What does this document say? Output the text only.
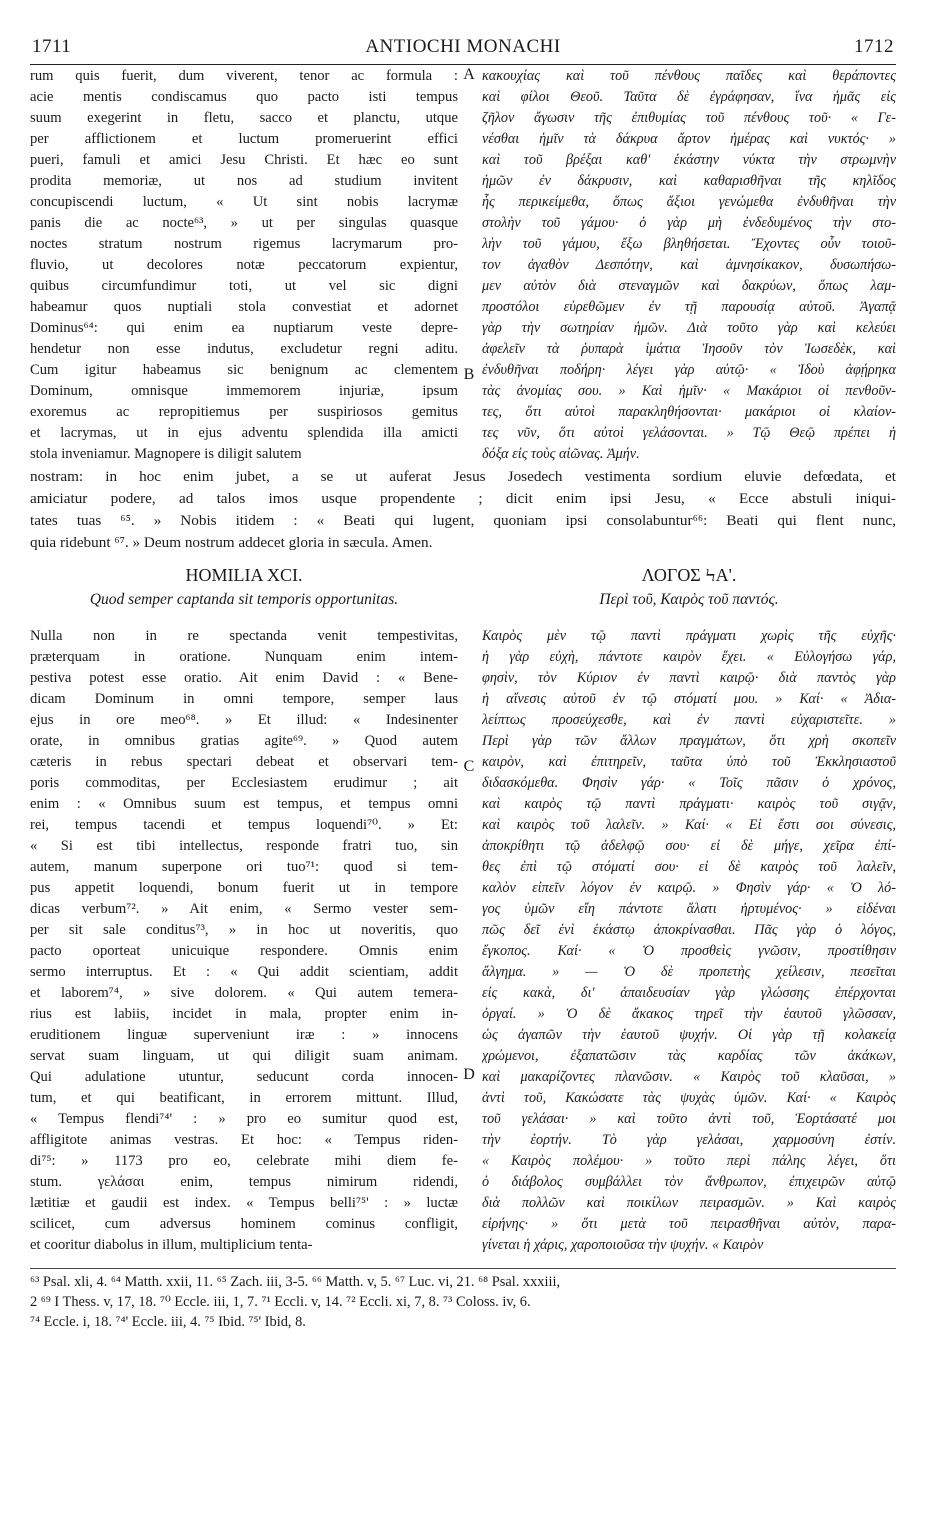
ANTIOCHI MONACHI
1711	1712
rum quis fuerit, dum viverent, tenor ac formula :
acie mentis condiscamus quo pacto isti tempus
suum exegerint in fletu, sacco et planctu, utque
per afflictionem et luctum promeruerint effici
pueri, famuli et amici Jesu Christi. Et hæc eo sunt
prodita memoriæ, ut nos ad studium invitent
concupiscendi luctum, « Ut sint nobis lacrymæ
panis die ac nocte⁶³, » ut per singulas quasque
noctes stratum nostrum rigemus lacrymarum pro-
fluvio, ut decolores notæ peccatorum expientur,
quibus circumfundimur toti, ut vel sic digni
habeamur quos nuptiali stola convestiat et adornet
Dominus⁶⁴: qui enim ea nuptiarum veste depre-
hendetur non esse indutus, excludetur regni aditu.
Cum igitur habeamus sic benignum ac clementem
Dominum, omnisque immemorem injuriæ, ipsum
exoremus ac repropitiemus per suspiriosos gemitus
et lacrymas, ut in ejus adventu splendida illa amicti
stola inveniamur. Magnopere is diligit salutem
A
B
κακουχίας καὶ τοῦ πένθους παῖδες καὶ θεράποντες
καὶ φίλοι Θεοῦ. Ταῦτα δὲ ἐγράφησαν, ἵνα ἡμᾶς εἰς
ζῆλον ἄγωσιν τῆς ἐπιθυμίας τοῦ πένθους τοῦ· « Γε-
νέσθαι ἡμῖν τὰ δάκρυα ἄρτον ἡμέρας καὶ νυκτός· »
καὶ τοῦ βρέξαι καθ' ἑκάστην νύκτα τὴν στρωμνὴν
ἡμῶν ἐν δάκρυσιν, καὶ καθαρισθῆναι τῆς κηλῖδος
ἧς περικείμεθα, ὅπως ἄξιοι γενώμεθα ἐνδυθῆναι τὴν
στολὴν τοῦ γάμου· ὁ γὰρ μὴ ἐνδεδυμένος τὴν στο-
λὴν τοῦ γάμου, ἔξω βληθήσεται. Ἔχοντες οὖν τοιοῦ-
τον ἀγαθὸν Δεσπότην, καὶ ἀμνησίκακον, δυσωπήσω-
μεν αὐτὸν διὰ στεναγμῶν καὶ δακρύων, ὅπως λαμ-
προστόλοι εὑρεθῶμεν ἐν τῇ παρουσίᾳ αὐτοῦ. Ἀγαπᾷ
γὰρ τὴν σωτηρίαν ἡμῶν. Διὰ τοῦτο γὰρ καὶ κελεύει
ἀφελεῖν τὰ ῥυπαρὰ ἱμάτια Ἰησοῦν τὸν Ἰωσεδὲκ, καὶ
ἐνδυθῆναι ποδήρη· λέγει γὰρ αὐτῷ· « Ἰδοὺ ἀφῄρηκα
τὰς ἀνομίας σου. » Καὶ ἡμῖν· « Μακάριοι οἱ πενθοῦν-
τες, ὅτι αὐτοὶ παρακληθήσονται· μακάριοι οἱ κλαίον-
τες νῦν, ὅτι αὐτοὶ γελάσονται. » Τῷ Θεῷ πρέπει ἡ
δόξα εἰς τοὺς αἰῶνας. Ἀμήν.
nostram: in hoc enim jubet, a se ut auferat Jesus Josedech vestimenta sordium eluvie defœdata, et
amiciatur podere, ad talos imos usque propendente ; dicit enim ipsi Jesu, « Ecce abstuli iniqui-
tates tuas ⁶⁵. » Nobis itidem : « Beati qui lugent, quoniam ipsi consolabuntur⁶⁶: Beati qui flent nunc,
quia ridebunt ⁶⁷. » Deum nostrum addecet gloria in sæcula. Amen.
HOMILIA XCI.
Quod semper captanda sit temporis opportunitas.
ΛΟΓΟΣ ϞΑ'.
Περὶ τοῦ, Καιρὸς τοῦ παντός.
Nulla non in re spectanda venit tempestivitas,
præterquam in oratione. Nunquam enim intem-
pestiva potest esse oratio. Ait enim David : « Bene-
dicam Dominum in omni tempore, semper laus
ejus in ore meo⁶⁸. » Et illud: « Indesinenter
orate, in omnibus gratias agite⁶⁹. » Quod autem
cæteris in rebus spectari debeat et observari tem-
poris commoditas, per Ecclesiastem erudimur ; ait
enim : « Omnibus suum est tempus, et tempus omni
rei, tempus tacendi et tempus loquendi⁷⁰. » Et:
« Si est tibi intellectus, responde fratri tuo, sin
autem, manum superpone ori tuo⁷¹: quod si tem-
pus appetit loquendi, bonum fuerit ut in tempore
dicas verbum⁷². » Ait enim, « Sermo vester sem-
per sit sale conditus⁷³, » in hoc ut noveritis, quo
pacto oporteat unicuique respondere. Omnis enim
sermo interruptus. Et : « Qui addit scientiam, addit
et laborem⁷⁴, » sive dolorem. « Qui autem temera-
rius est labiis, incidet in mala, propter enim in-
eruditionem linguæ superveniunt iræ : » innocens
servat suam linguam, ut qui diligit suam animam.
Qui adulatione utuntur, seducunt corda innocen-
tum, et qui beatificant, in errorem mittunt. Illud,
« Tempus flendi⁷⁴' : » pro eo sumitur quod est,
affligitote animas vestras. Et hoc: « Tempus riden-
di⁷⁵: » 1173 pro eo, celebrate mihi diem fe-
stum. γελάσαι enim, tempus nimirum ridendi,
lætitiæ et gaudii est index. « Tempus belli⁷⁵' : » luctæ
scilicet, cum adversus hominem cominus confligit,
et cooritur diabolus in illum, multiplicium tenta-
C
D
Καιρὸς μὲν τῷ παντὶ πράγματι χωρὶς τῆς εὐχῆς·
ἡ γὰρ εὐχὴ, πάντοτε καιρὸν ἔχει. « Εὐλογήσω γάρ,
φησὶν, τὸν Κύριον ἐν παντὶ καιρῷ· διὰ παντὸς γὰρ
ἡ αἴνεσις αὐτοῦ ἐν τῷ στόματί μου. » Καί· « Ἀδια-
λείπτως προσεύχεσθε, καὶ ἐν παντὶ εὐχαριστεῖτε. »
Περὶ γὰρ τῶν ἄλλων πραγμάτων, ὅτι χρὴ σκοπεῖν
καιρὸν, καὶ ἐπιτηρεῖν, ταῦτα ὑπὸ τοῦ Ἐκκλησιαστοῦ
διδασκόμεθα. Φησὶν γάρ· « Τοῖς πᾶσιν ὁ χρόνος,
καὶ καιρὸς τῷ παντὶ πράγματι· καιρὸς τοῦ σιγᾷν,
καὶ καιρὸς τοῦ λαλεῖν. » Καί· « Εἰ ἔστι σοι σύνεσις,
ἀποκρίθητι τῷ ἀδελφῷ σου· εἰ δὲ μήγε, χεῖρα ἐπί-
θες ἐπὶ τῷ στόματί σου· εἰ δὲ καιρὸς τοῦ λαλεῖν,
καλὸν εἰπεῖν λόγον ἐν καιρῷ. » Φησὶν γάρ· « Ὁ λό-
γος ὑμῶν εἴη πάντοτε ἅλατι ἠρτυμένος· » εἰδέναι
πῶς δεῖ ἑνὶ ἑκάστῳ ἀποκρίνασθαι. Πᾶς γὰρ ὁ λόγος,
ἔγκοπος. Καί· « Ὁ προσθεὶς γνῶσιν, προστίθησιν
ἄλγημα. » — Ὁ δὲ προπετὴς χείλεσιν, πεσεῖται
εἰς κακὰ, δι' ἀπαιδευσίαν γὰρ γλώσσης ἐπέρχονται
ὀργαί. » Ὁ δὲ ἄκακος τηρεῖ τὴν ἑαυτοῦ γλῶσσαν,
ὡς ἀγαπῶν τὴν ἑαυτοῦ ψυχήν. Οἱ γὰρ τῇ κολακείᾳ
χρώμενοι, ἐξαπατῶσιν τὰς καρδίας τῶν ἀκάκων,
καὶ μακαρίζοντες πλανῶσιν. « Καιρὸς τοῦ κλαῦσαι, »
ἀντὶ τοῦ, Κακώσατε τὰς ψυχὰς ὑμῶν. Καί· « Καιρὸς
τοῦ γελάσαι· » καὶ τοῦτο ἀντὶ τοῦ, Ἑορτάσατέ μοι
τὴν ἑορτήν. Τὸ γὰρ γελάσαι, χαρμοσύνη ἐστίν.
« Καιρὸς πολέμου· » τοῦτο περὶ πάλης λέγει, ὅτι
ὁ διάβολος συμβάλλει τὸν ἄνθρωπον, ἐπιχειρῶν αὐτῷ
διὰ πολλῶν καὶ ποικίλων πειρασμῶν. » Καὶ καιρὸς
εἰρήνης· » ὅτι μετὰ τοῦ πειρασθῆναι αὐτὸν, παρα-
γίνεται ἡ χάρις, χαροποιοῦσα τὴν ψυχήν. « Καιρὸν
⁶³ Psal. xli, 4. ⁶⁴ Matth. xxii, 11. ⁶⁵ Zach. iii, 3-5. ⁶⁶ Matth. v, 5. ⁶⁷ Luc. vi, 21. ⁶⁸ Psal. xxxiii,
2 ⁶⁹ I Thess. v, 17, 18. ⁷⁰ Eccle. iii, 1, 7. ⁷¹ Eccli. v, 14. ⁷² Eccli. xi, 7, 8. ⁷³ Coloss. iv, 6.
⁷⁴ Eccle. i, 18. ⁷⁴' Eccle. iii, 4. ⁷⁵ Ibid. ⁷⁵' Ibid, 8.
